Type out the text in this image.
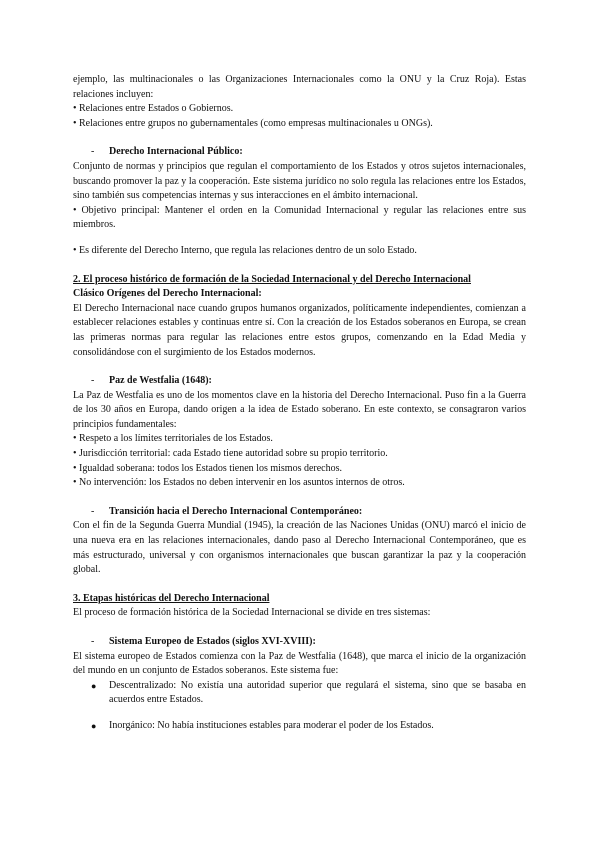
ejemplo, las multinacionales o las Organizaciones Internacionales como la ONU y la Cruz Roja). Estas relaciones incluyen:

• Relaciones entre Estados o Gobiernos.

• Relaciones entre grupos no gubernamentales (como empresas multinacionales u ONGs).

- Derecho Internacional Público:

Conjunto de normas y principios que regulan el comportamiento de los Estados y otros sujetos internacionales, buscando promover la paz y la cooperación. Este sistema jurídico no solo regula las relaciones entre los Estados, sino también sus competencias internas y sus interacciones en el ámbito internacional.

• Objetivo principal: Mantener el orden en la Comunidad Internacional y regular las relaciones entre sus miembros.

• Es diferente del Derecho Interno, que regula las relaciones dentro de un solo Estado.

2. El proceso histórico de formación de la Sociedad Internacional y del Derecho Internacional

Clásico Orígenes del Derecho Internacional:

El Derecho Internacional nace cuando grupos humanos organizados, políticamente independientes, comienzan a establecer relaciones estables y continuas entre sí. Con la creación de los Estados soberanos en Europa, se crean las primeras normas para regular las relaciones entre estos grupos, comenzando en la Edad Media y consolidándose con el surgimiento de los Estados modernos.

- Paz de Westfalia (1648):

La Paz de Westfalia es uno de los momentos clave en la historia del Derecho Internacional. Puso fin a la Guerra de los 30 años en Europa, dando origen a la idea de Estado soberano. En este contexto, se consagraron varios principios fundamentales:

• Respeto a los límites territoriales de los Estados.

• Jurisdicción territorial: cada Estado tiene autoridad sobre su propio territorio.

• Igualdad soberana: todos los Estados tienen los mismos derechos.

• No intervención: los Estados no deben intervenir en los asuntos internos de otros.

- Transición hacia el Derecho Internacional Contemporáneo:

Con el fin de la Segunda Guerra Mundial (1945), la creación de las Naciones Unidas (ONU) marcó el inicio de una nueva era en las relaciones internacionales, dando paso al Derecho Internacional Contemporáneo, que es más estructurado, universal y con organismos internacionales que buscan garantizar la paz y la cooperación global.

3. Etapas históricas del Derecho Internacional

El proceso de formación histórica de la Sociedad Internacional se divide en tres sistemas:

- Sistema Europeo de Estados (siglos XVI-XVIII):

El sistema europeo de Estados comienza con la Paz de Westfalia (1648), que marca el inicio de la organización del mundo en un conjunto de Estados soberanos. Este sistema fue:

● Descentralizado: No existía una autoridad superior que regulará el sistema, sino que se basaba en acuerdos entre Estados.

● Inorgánico: No había instituciones estables para moderar el poder de los Estados.
